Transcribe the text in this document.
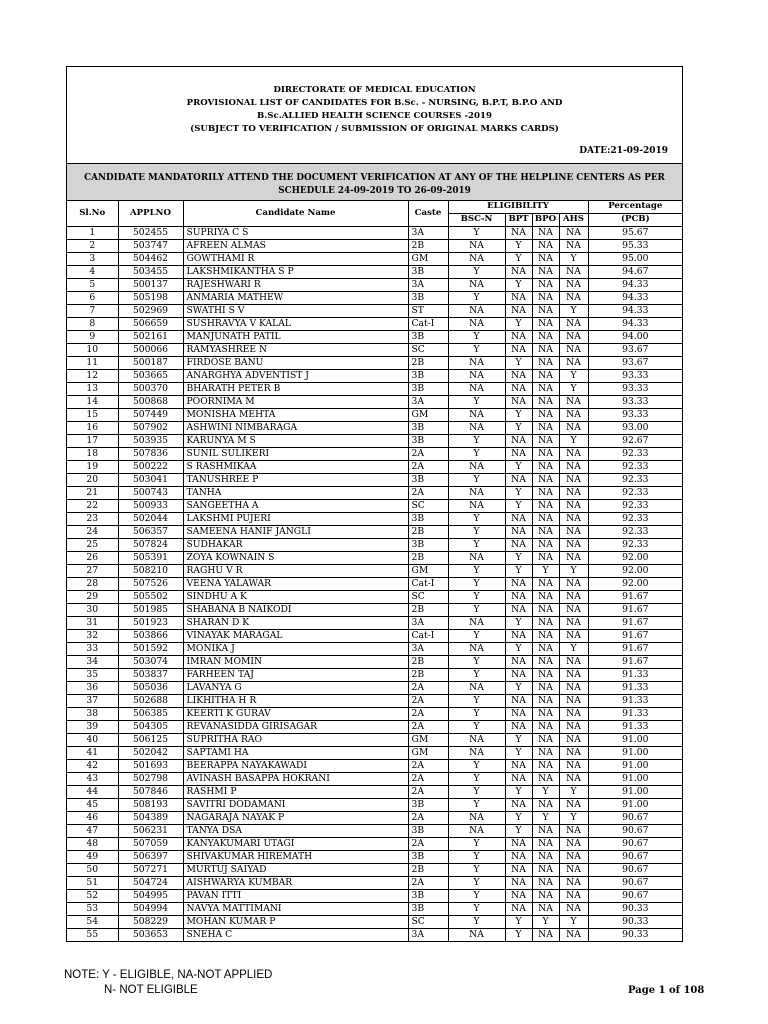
DIRECTORATE OF MEDICAL EDUCATION
PROVISIONAL LIST OF CANDIDATES FOR B.Sc. - NURSING, B.P.T, B.P.O AND
B.Sc.ALLIED HEALTH SCIENCE COURSES -2019
(SUBJECT TO VERIFICATION / SUBMISSION OF ORIGINAL MARKS CARDS)
DATE:21-09-2019
CANDIDATE MANDATORILY ATTEND THE DOCUMENT VERIFICATION AT ANY OF THE HELPLINE CENTERS AS PER SCHEDULE 24-09-2019 TO 26-09-2019
Sl.No	APPLNO	Candidate Name	Caste	ELIGIBILITY				Percentage
				BSC-N	BPT	BPO	AHS	(PCB)
1	502455	SUPRIYA C S	3A	Y	NA	NA	NA	95.67
2	503747	AFREEN ALMAS	2B	NA	Y	NA	NA	95.33
3	504462	GOWTHAMI R	GM	NA	Y	NA	Y	95.00
4	503455	LAKSHMIKANTHA S P	3B	Y	NA	NA	NA	94.67
5	500137	RAJESHWARI R	3A	NA	Y	NA	NA	94.33
6	505198	ANMARIA MATHEW	3B	Y	NA	NA	NA	94.33
7	502969	SWATHI S V	ST	NA	NA	NA	Y	94.33
8	506659	SUSHRAVYA V KALAL	Cat-I	NA	Y	NA	NA	94.33
9	502161	MANJUNATH PATIL	3B	Y	NA	NA	NA	94.00
10	500066	RAMYASHREE N	SC	Y	NA	NA	NA	93.67
11	500187	FIRDOSE BANU	2B	NA	Y	NA	NA	93.67
12	503665	ANARGHYA ADVENTIST J	3B	NA	NA	NA	Y	93.33
13	500370	BHARATH PETER B	3B	NA	NA	NA	Y	93.33
14	500868	POORNIMA M	3A	Y	NA	NA	NA	93.33
15	507449	MONISHA MEHTA	GM	NA	Y	NA	NA	93.33
16	507902	ASHWINI NIMBARAGA	3B	NA	Y	NA	NA	93.00
17	503935	KARUNYA M S	3B	Y	NA	NA	Y	92.67
18	507836	SUNIL SULIKERI	2A	Y	NA	NA	NA	92.33
19	500222	S RASHMIKAA	2A	NA	Y	NA	NA	92.33
20	503041	TANUSHREE P	3B	Y	NA	NA	NA	92.33
21	500743	TANHA	2A	NA	Y	NA	NA	92.33
22	500933	SANGEETHA A	SC	NA	Y	NA	NA	92.33
23	502044	LAKSHMI PUJERI	3B	Y	NA	NA	NA	92.33
24	506357	SAMEENA HANIF JANGLI	2B	Y	NA	NA	NA	92.33
25	507824	SUDHAKAR	3B	Y	NA	NA	NA	92.33
26	505391	ZOYA KOWNAIN S	2B	NA	Y	NA	NA	92.00
27	508210	RAGHU V R	GM	Y	Y	Y	Y	92.00
28	507526	VEENA YALAWAR	Cat-I	Y	NA	NA	NA	92.00
29	505502	SINDHU A K	SC	Y	NA	NA	NA	91.67
30	501985	SHABANA B NAIKODI	2B	Y	NA	NA	NA	91.67
31	501923	SHARAN D K	3A	NA	Y	NA	NA	91.67
32	503866	VINAYAK MARAGAL	Cat-I	Y	NA	NA	NA	91.67
33	501592	MONIKA J	3A	NA	Y	NA	Y	91.67
34	503074	IMRAN MOMIN	2B	Y	NA	NA	NA	91.67
35	503837	FARHEEN TAJ	2B	Y	NA	NA	NA	91.33
36	505036	LAVANYA G	2A	NA	Y	NA	NA	91.33
37	502688	LIKHITHA H R	2A	Y	NA	NA	NA	91.33
38	506385	KEERTI K GURAV	2A	Y	NA	NA	NA	91.33
39	504305	REVANASIDDA GIRISAGAR	2A	Y	NA	NA	NA	91.33
40	506125	SUPRITHA RAO	GM	NA	Y	NA	NA	91.00
41	502042	SAPTAMI HA	GM	NA	Y	NA	NA	91.00
42	501693	BEERAPPA NAYAKAWADI	2A	Y	NA	NA	NA	91.00
43	502798	AVINASH BASAPPA HOKRANI	2A	Y	NA	NA	NA	91.00
44	507846	RASHMI P	2A	Y	Y	Y	Y	91.00
45	508193	SAVITRI DODAMANI	3B	Y	NA	NA	NA	91.00
46	504389	NAGARAJA NAYAK P	2A	NA	Y	Y	Y	90.67
47	506231	TANYA DSA	3B	NA	Y	NA	NA	90.67
48	507059	KANYAKUMARI UTAGI	2A	Y	NA	NA	NA	90.67
49	506397	SHIVAKUMAR HIREMATH	3B	Y	NA	NA	NA	90.67
50	507271	MURTUJ SAIYAD	2B	Y	NA	NA	NA	90.67
51	504724	AISHWARYA KUMBAR	2A	Y	NA	NA	NA	90.67
52	504995	PAVAN ITTI	3B	Y	NA	NA	NA	90.67
53	504994	NAVYA MATTIMANI	3B	Y	NA	NA	NA	90.33
54	508229	MOHAN KUMAR P	SC	Y	Y	Y	Y	90.33
55	503653	SNEHA C	3A	NA	Y	NA	NA	90.33
NOTE: Y - ELIGIBLE, NA-NOT APPLIED
N- NOT ELIGIBLE	Page 1 of 108
